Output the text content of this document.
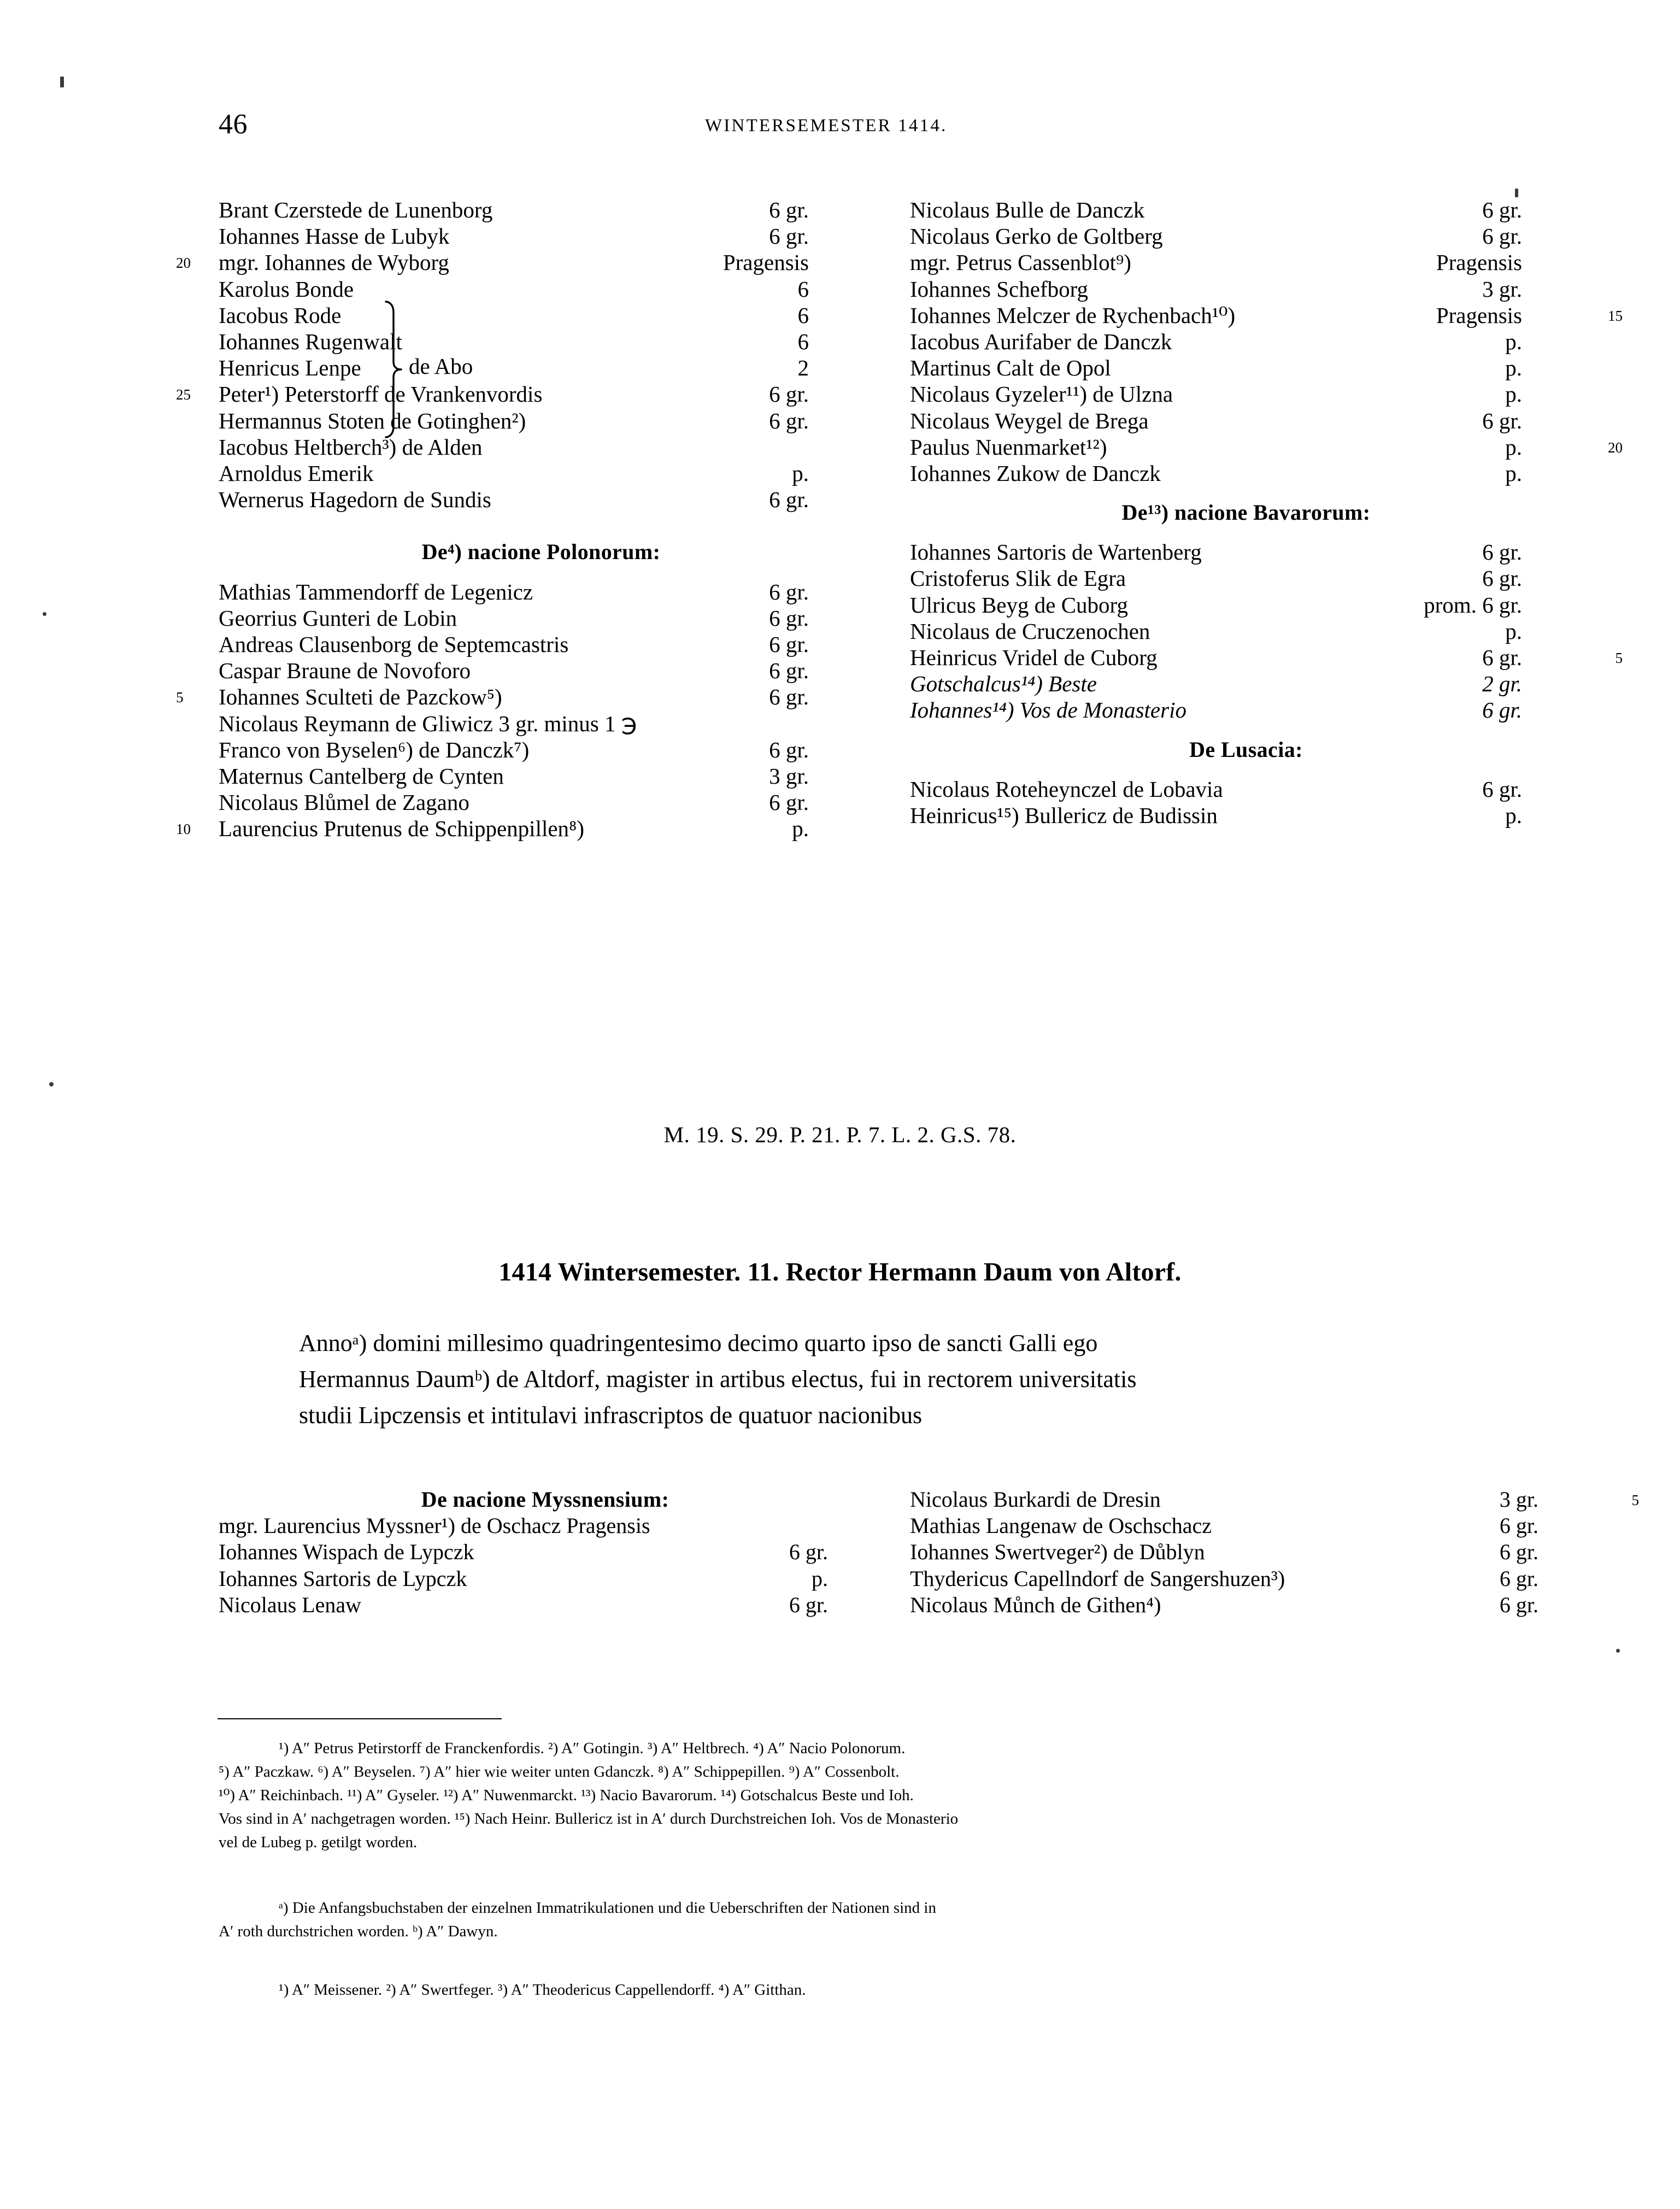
46	WINTERSEMESTER 1414.
de Abo
Brant Czerstede de Lunenborg	6 gr.
Iohannes Hasse de Lubyk	6 gr.
20 mgr. Iohannes de Wyborg	Pragensis
Karolus Bonde	6
Iacobus Rode	6
Iohannes Rugenwalt	6
Henricus Lenpe	2
25 Peter¹) Peterstorff de Vrankenvordis	6 gr.
Hermannus Stoten de Gotinghen²)	6 gr.
Iacobus Heltberch³) de Alden
Arnoldus Emerik	p.
Wernerus Hagedorn de Sundis	6 gr.
De⁴) nacione Polonorum:
Mathias Tammendorff de Legenicz	6 gr.
Georrius Gunteri de Lobin	6 gr.
Andreas Clausenborg de Septemcastris	6 gr.
Caspar Braune de Novoforo	6 gr.
5 Iohannes Sculteti de Pazckow⁵)	6 gr.
Nicolaus Reymann de Gliwicz 3 gr. minus 1 ℈
Franco von Byselen⁶) de Danczk⁷)	6 gr.
Maternus Cantelberg de Cynten	3 gr.
Nicolaus Blůmel de Zagano	6 gr.
10 Laurencius Prutenus de Schippenpillen⁸)	p.
Nicolaus Bulle de Danczk	6 gr.
Nicolaus Gerko de Goltberg	6 gr.
mgr. Petrus Cassenblot⁹)	Pragensis
Iohannes Schefborg	3 gr.
Iohannes Melczer de Rychenbach¹⁰)	Pragensis	15
Iacobus Aurifaber de Danczk	p.
Martinus Calt de Opol	p.
Nicolaus Gyzeler¹¹) de Ulzna	p.
Nicolaus Weygel de Brega	6 gr.
Paulus Nuenmarket¹²)	p.	20
Iohannes Zukow de Danczk	p.
De¹³) nacione Bavarorum:
Iohannes Sartoris de Wartenberg	6 gr.
Cristoferus Slik de Egra	6 gr.
Ulricus Beyg de Cuborg	prom. 6 gr.
Nicolaus de Cruczenochen	p.
Heinricus Vridel de Cuborg	6 gr.	5
Gotschalcus¹⁴) Beste	2 gr.
Iohannes¹⁴) Vos de Monasterio	6 gr.
De Lusacia:
Nicolaus Roteheynczel de Lobavia	6 gr.
Heinricus¹⁵) Bullericz de Budissin	p.
M. 19. S. 29. P. 21. P. 7. L. 2. G.S. 78.
1414 Wintersemester. 11. Rector Hermann Daum von Altorf.
Annoᵃ) domini millesimo quadringentesimo decimo quarto ipso de sancti Galli ego
Hermannus Daumᵇ) de Altdorf, magister in artibus electus, fui in rectorem universitatis
studii Lipczensis et intitulavi infrascriptos de quatuor nacionibus
De nacione Myssnensium:
mgr. Laurencius Myssner¹) de Oschacz Pragensis
Iohannes Wispach de Lypczk	6 gr.
Iohannes Sartoris de Lypczk	p.
Nicolaus Lenaw	6 gr.
Nicolaus Burkardi de Dresin	3 gr.	5
Mathias Langenaw de Oschschacz	6 gr.
Iohannes Swertveger²) de Důblyn	6 gr.
Thydericus Capellndorf de Sangershuzen³)	6 gr.
Nicolaus Můnch de Githen⁴)	6 gr.

¹) A″ Petrus Petirstorff de Franckenfordis. ²) A″ Gotingin. ³) A″ Heltbrech. ⁴) A″ Nacio Polonorum.

⁵) A″ Paczkaw. ⁶) A″ Beyselen. ⁷) A″ hier wie weiter unten Gdanczk. ⁸) A″ Schippepillen. ⁹) A″ Cossenbolt.

¹⁰) A″ Reichinbach. ¹¹) A″ Gyseler. ¹²) A″ Nuwenmarckt. ¹³) Nacio Bavarorum. ¹⁴) Gotschalcus Beste und Ioh.

Vos sind in Aʹ nachgetragen worden. ¹⁵) Nach Heinr. Bullericz ist in Aʹ durch Durchstreichen Ioh. Vos de Monasterio

vel de Lubeg p. getilgt worden.

ᵃ) Die Anfangsbuchstaben der einzelnen Immatrikulationen und die Ueberschriften der Nationen sind in

Aʹ roth durchstrichen worden. ᵇ) A″ Dawyn.

¹) A″ Meissener. ²) A″ Swertfeger. ³) A″ Theodericus Cappellendorff. ⁴) A″ Gitthan.
